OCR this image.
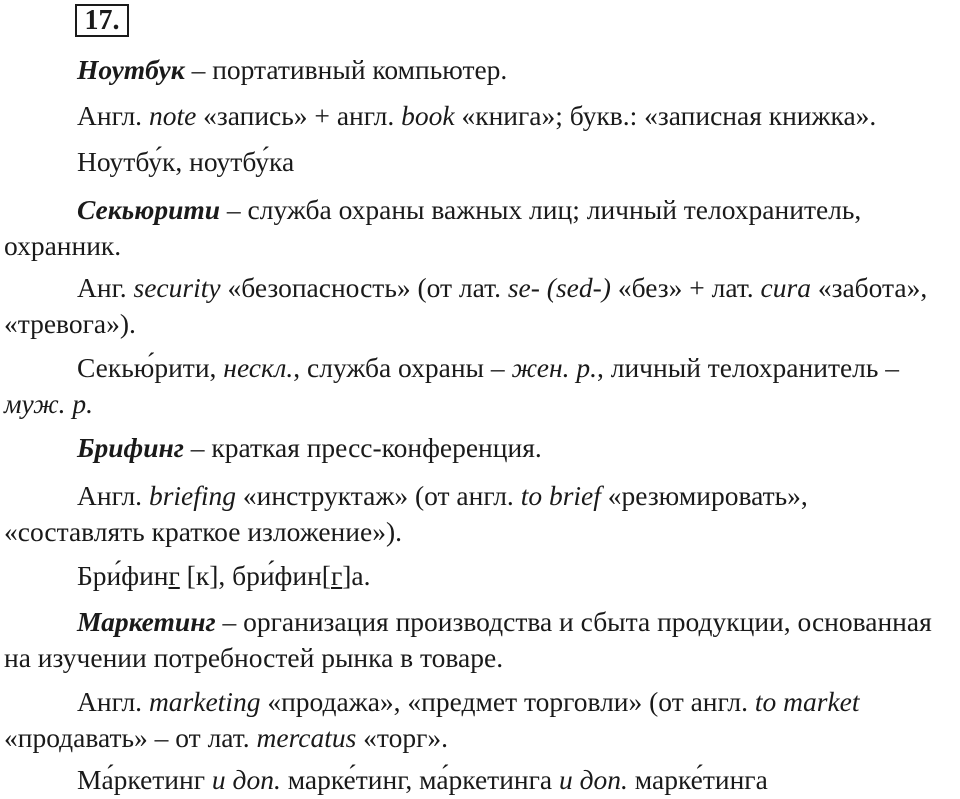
17.

Ноутбук – портативный компьютер.

Англ. note «запись» + англ. book «книга»; букв.: «записная книжка».

Ноутбу́к, ноутбу́ка

Секьюрити – служба охраны важных лиц; личный телохранитель, охранник.

Анг. security «безопасность» (от лат. se- (sed-) «без» + лат. cura «забота», «тревога»).

Секью́рити, нескл., служба охраны – жен. р., личный телохранитель – муж. р.

Брифинг – краткая пресс-конференция.

Англ. briefing «инструктаж» (от англ. to brief «резюмировать», «составлять краткое изложение»).

Бри́финг [к], бри́фин[г]а.

Маркетинг – организация производства и сбыта продукции, основанная на изучении потребностей рынка в товаре.

Англ. marketing «продажа», «предмет торговли» (от англ. to market «продавать» – от лат. mercatus «торг».

Ма́ркетинг и доп. марке́тинг, ма́ркетинга и доп. марке́тинга
